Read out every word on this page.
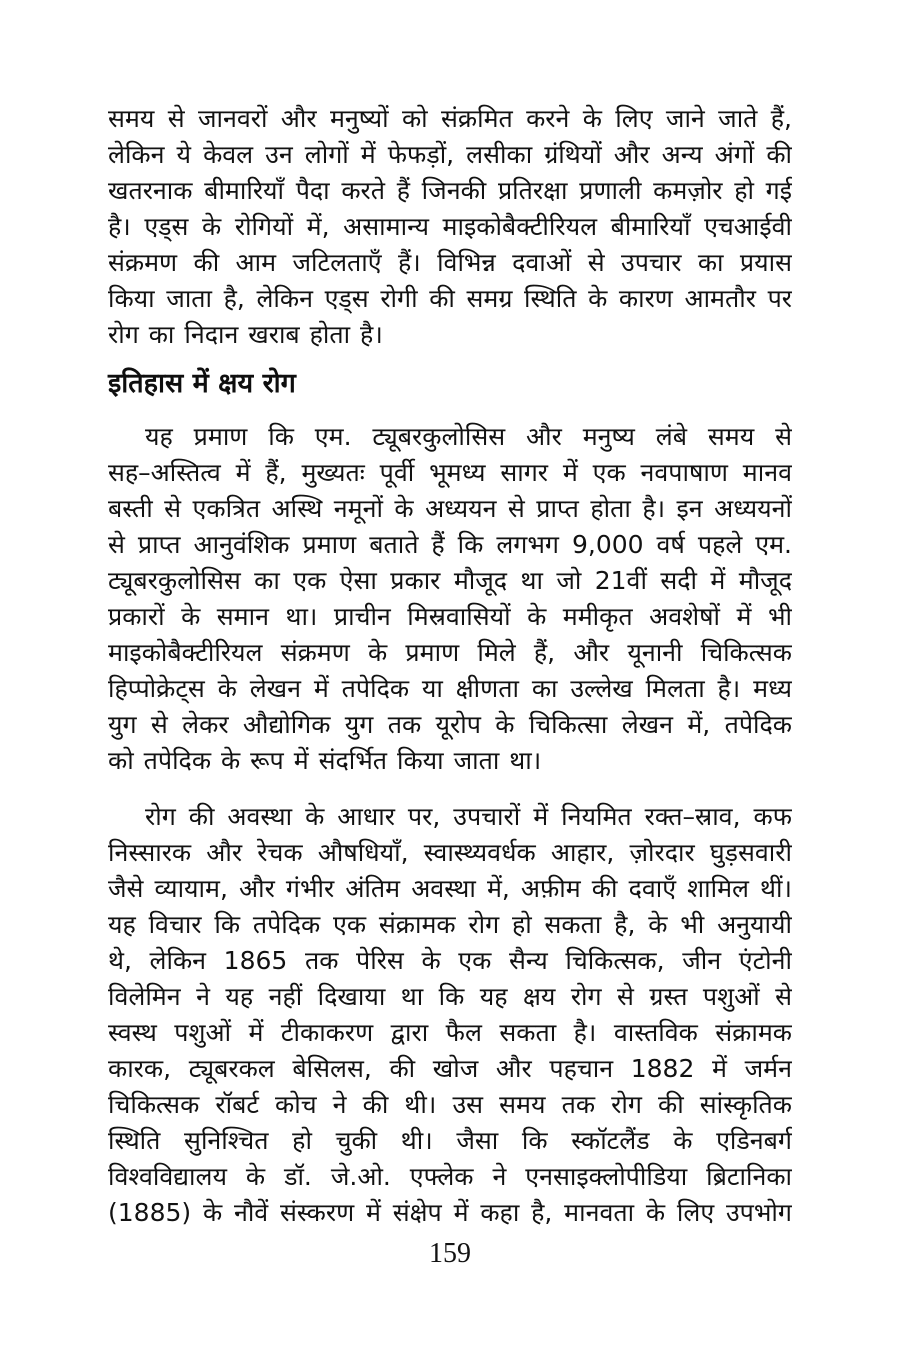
समय से जानवरों और मनुष्यों को संक्रमित करने के लिए जाने जाते हैं,
लेकिन ये केवल उन लोगों में फेफड़ों, लसीका ग्रंथियों और अन्य अंगों की
खतरनाक बीमारियाँ पैदा करते हैं जिनकी प्रतिरक्षा प्रणाली कमज़ोर हो गई
है। एड्स के रोगियों में, असामान्य माइकोबैक्टीरियल बीमारियाँ एचआईवी
संक्रमण की आम जटिलताएँ हैं। विभिन्न दवाओं से उपचार का प्रयास
किया जाता है, लेकिन एड्स रोगी की समग्र स्थिति के कारण आमतौर पर
रोग का निदान खराब होता है।
इतिहास में क्षय रोग
यह प्रमाण कि एम. ट्यूबरकुलोसिस और मनुष्य लंबे समय से
सह–अस्तित्व में हैं, मुख्यतः पूर्वी भूमध्य सागर में एक नवपाषाण मानव
बस्ती से एकत्रित अस्थि नमूनों के अध्ययन से प्राप्त होता है। इन अध्ययनों
से प्राप्त आनुवंशिक प्रमाण बताते हैं कि लगभग 9,000 वर्ष पहले एम.
ट्यूबरकुलोसिस का एक ऐसा प्रकार मौजूद था जो 21वीं सदी में मौजूद
प्रकारों के समान था। प्राचीन मिस्रवासियों के ममीकृत अवशेषों में भी
माइकोबैक्टीरियल संक्रमण के प्रमाण मिले हैं, और यूनानी चिकित्सक
हिप्पोक्रेट्स के लेखन में तपेदिक या क्षीणता का उल्लेख मिलता है। मध्य
युग से लेकर औद्योगिक युग तक यूरोप के चिकित्सा लेखन में, तपेदिक
को तपेदिक के रूप में संदर्भित किया जाता था।
रोग की अवस्था के आधार पर, उपचारों में नियमित रक्त–स्राव, कफ
निस्सारक और रेचक औषधियाँ, स्वास्थ्यवर्धक आहार, ज़ोरदार घुड़सवारी
जैसे व्यायाम, और गंभीर अंतिम अवस्था में, अफ़ीम की दवाएँ शामिल थीं।
यह विचार कि तपेदिक एक संक्रामक रोग हो सकता है, के भी अनुयायी
थे, लेकिन 1865 तक पेरिस के एक सैन्य चिकित्सक, जीन एंटोनी
विलेमिन ने यह नहीं दिखाया था कि यह क्षय रोग से ग्रस्त पशुओं से
स्वस्थ पशुओं में टीकाकरण द्वारा फैल सकता है। वास्तविक संक्रामक
कारक, ट्यूबरकल बेसिलस, की खोज और पहचान 1882 में जर्मन
चिकित्सक रॉबर्ट कोच ने की थी। उस समय तक रोग की सांस्कृतिक
स्थिति सुनिश्चित हो चुकी थी। जैसा कि स्कॉटलैंड के एडिनबर्ग
विश्वविद्यालय के डॉ. जे.ओ. एफ्लेक ने एनसाइक्लोपीडिया ब्रिटानिका
(1885) के नौवें संस्करण में संक्षेप में कहा है, मानवता के लिए उपभोग
159
